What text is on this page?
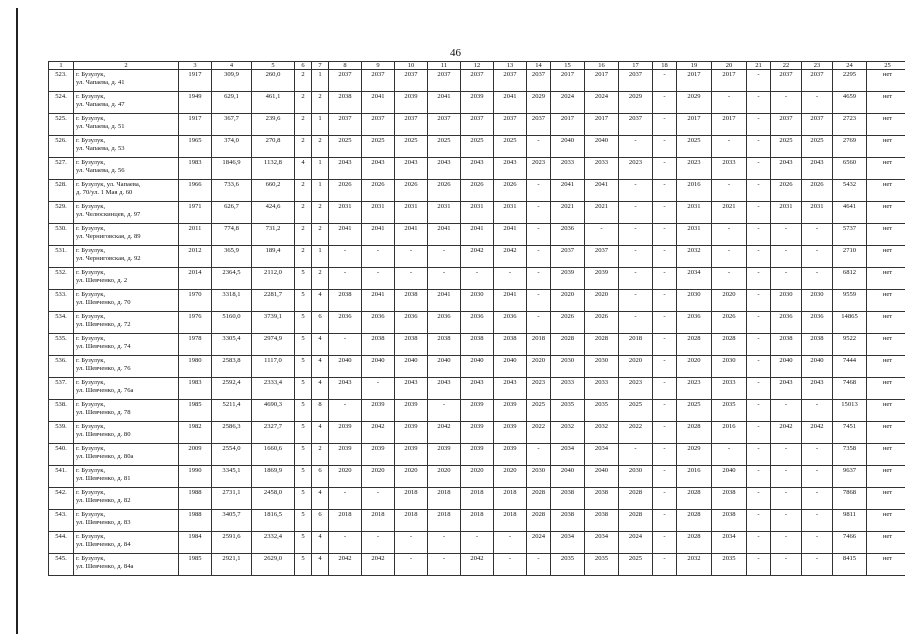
46
1	2	3	4	5	6	7	8	9	10	11	12	13	14	15	16	17	18	19	20	21	22	23	24	25
523.	г. Бузулук,
ул. Чапаева, д. 41	1917	309,9	260,0	2	1	2037	2037	2037	2037	2037	2037	2037	2017	2017	2037	-	2017	2017	-	2037	2037	2295	нет
524.	г. Бузулук,
ул. Чапаева, д. 47	1949	629,1	461,1	2	2	2038	2041	2039	2041	2039	2041	2029	2024	2024	2029	-	2029	-	-	-	-	4659	нет
525.	г. Бузулук,
ул. Чапаева, д. 51	1917	367,7	239,6	2	1	2037	2037	2037	2037	2037	2037	2037	2017	2017	2037	-	2017	2017	-	2037	2037	2723	нет
526.	г. Бузулук,
ул. Чапаева, д. 53	1965	374,0	270,8	2	2	2025	2025	2025	2025	2025	2025	-	2040	2040	-	-	2025	-	-	2025	2025	2769	нет
527.	г. Бузулук,
ул. Чапаева, д. 56	1983	1846,9	1132,8	4	1	2043	2043	2043	2043	2043	2043	2023	2033	2033	2023	-	2023	2033	-	2043	2043	6560	нет
528.	г. Бузулук, ул. Чапаева,
д. 70/ул. 1 Мая д. 60	1966	733,6	660,2	2	1	2026	2026	2026	2026	2026	2026	-	2041	2041	-	-	2016	-	-	2026	2026	5432	нет
529.	г. Бузулук,
ул. Челюскинцев, д. 97	1971	626,7	424,6	2	2	2031	2031	2031	2031	2031	2031	-	2021	2021	-	-	2031	2021	-	2031	2031	4641	нет
530.	г. Бузулук,
ул. Черниговская, д. 89	2011	774,8	731,2	2	2	2041	2041	2041	2041	2041	2041	-	2036	-	-	-	2031	-	-	-	-	5737	нет
531.	г. Бузулук,
ул. Черниговская, д. 92	2012	365,9	189,4	2	1	-	-	-	-	2042	2042	-	2037	2037	-	-	2032	-	-	-	-	2710	нет
532.	г. Бузулук,
ул. Шевченко, д. 2	2014	2364,5	2112,0	5	2	-	-	-	-	-	-	-	2039	2039	-	-	2034	-	-	-	-	6812	нет
533.	г. Бузулук,
ул. Шевченко, д. 70	1970	3318,1	2281,7	5	4	2038	2041	2038	2041	2030	2041	-	2020	2020	-	-	2030	2020	-	2030	2030	9559	нет
534.	г. Бузулук,
ул. Шевченко, д. 72	1976	5160,0	3739,1	5	6	2036	2036	2036	2036	2036	2036	-	2026	2026	-	-	2036	2026	-	2036	2036	14865	нет
535.	г. Бузулук,
ул. Шевченко, д. 74	1978	3305,4	2974,9	5	4	-	2038	2038	2038	2038	2038	2018	2028	2028	2018	-	2028	2028	-	2038	2038	9522	нет
536.	г. Бузулук,
ул. Шевченко, д. 76	1980	2583,8	1117,0	5	4	2040	2040	2040	2040	2040	2040	2020	2030	2030	2020	-	2020	2030	-	2040	2040	7444	нет
537.	г. Бузулук,
ул. Шевченко, д. 76а	1983	2592,4	2333,4	5	4	2043	-	2043	2043	2043	2043	2023	2033	2033	2023	-	2023	2033	-	2043	2043	7468	нет
538.	г. Бузулук,
ул. Шевченко, д. 78	1985	5211,4	4690,3	5	8	-	2039	2039	-	2039	2039	2025	2035	2035	2025	-	2025	2035	-	-	-	15013	нет
539.	г. Бузулук,
ул. Шевченко, д. 80	1982	2586,3	2327,7	5	4	2039	2042	2039	2042	2039	2039	2022	2032	2032	2022	-	2028	2016	-	2042	2042	7451	нет
540.	г. Бузулук,
ул. Шевченко, д. 80а	2009	2554,0	1660,6	5	2	2039	2039	2039	2039	2039	2039	-	2034	2034	-	-	2029	-	-	-	-	7358	нет
541.	г. Бузулук,
ул. Шевченко, д. 81	1990	3345,1	1869,9	5	6	2020	2020	2020	2020	2020	2020	2030	2040	2040	2030	-	2016	2040	-	-	-	9637	нет
542.	г. Бузулук,
ул. Шевченко, д. 82	1988	2731,1	2458,0	5	4	-	-	2018	2018	2018	2018	2028	2038	2038	2028	-	2028	2038	-	-	-	7868	нет
543.	г. Бузулук,
ул. Шевченко, д. 83	1988	3405,7	1816,5	5	6	2018	2018	2018	2018	2018	2018	2028	2038	2038	2028	-	2028	2038	-	-	-	9811	нет
544.	г. Бузулук,
ул. Шевченко, д. 84	1984	2591,6	2332,4	5	4	-	-	-	-	-	-	2024	2034	2034	2024	-	2028	2034	-	-	-	7466	нет
545.	г. Бузулук,
ул. Шевченко, д. 84а	1985	2921,1	2629,0	5	4	2042	2042	-	-	2042	-	-	2035	2035	2025	-	2032	2035	-	-	-	8415	нет
